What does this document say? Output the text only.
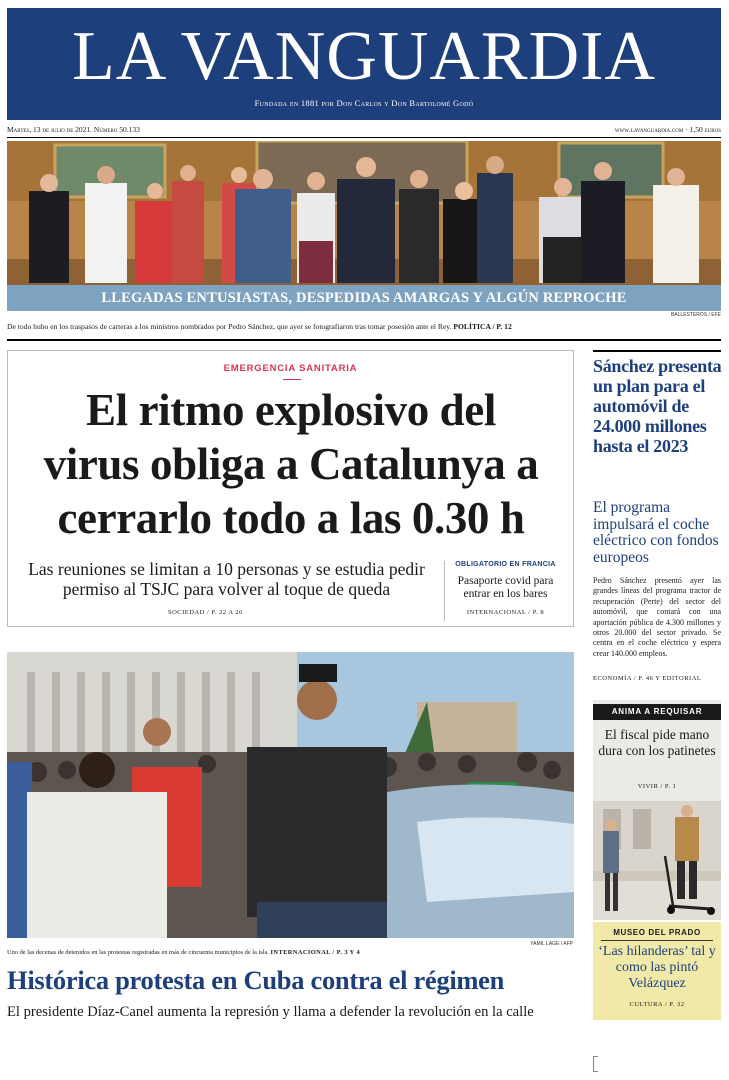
LA VANGUARDIA
Fundada en 1881 por Don Carlos y Don Bartolomé Godó
Martes, 13 de julio de 2021. Número 50.133	www.lavanguardia.com · 1,50 euros
LLEGADAS ENTUSIASTAS, DESPEDIDAS AMARGAS Y ALGÚN REPROCHE
BALLESTEROS / EFE
De todo hubo en los traspasos de carteras a los ministros nombrados por Pedro Sánchez, que ayer se fotografiaron tras tomar posesión ante el Rey. POLÍTICA / P. 12
EMERGENCIA SANITARIA
El ritmo explosivo del
virus obliga a Catalunya a
cerrarlo todo a las 0.30 h
Las reuniones se limitan a 10 personas y se estudia pedir permiso al TSJC para volver al toque de queda
SOCIEDAD / P. 22 A 26
OBLIGATORIO EN FRANCIA
Pasaporte covid para entrar en los bares
INTERNACIONAL / P. 8
Sánchez presenta un plan para el automóvil de 24.000 millones hasta el 2023
El programa impulsará el coche eléctrico con fondos europeos
Pedro Sánchez presentó ayer las grandes líneas del programa tractor de recuperación (Perte) del sector del automóvil, que contará con una aportación pública de 4.300 millones y otros 20.000 del sector privado. Se centra en el coche eléctrico y espera crear 140.000 empleos.
ECONOMÍA / P. 46 Y EDITORIAL
ANIMA A REQUISAR
El fiscal pide mano dura con los patinetes
VIVIR / P. 1
MUSEO DEL PRADO
‘Las hilanderas’ tal y como las pintó Velázquez
CULTURA / P. 32
YAMIL LAGE / AFP
Uno de las decenas de detenidos en las protestas registradas en más de cincuenta municipios de la isla. INTERNACIONAL / P. 3 Y 4
Histórica protesta en Cuba contra el régimen
El presidente Díaz-Canel aumenta la represión y llama a defender la revolución en la calle
